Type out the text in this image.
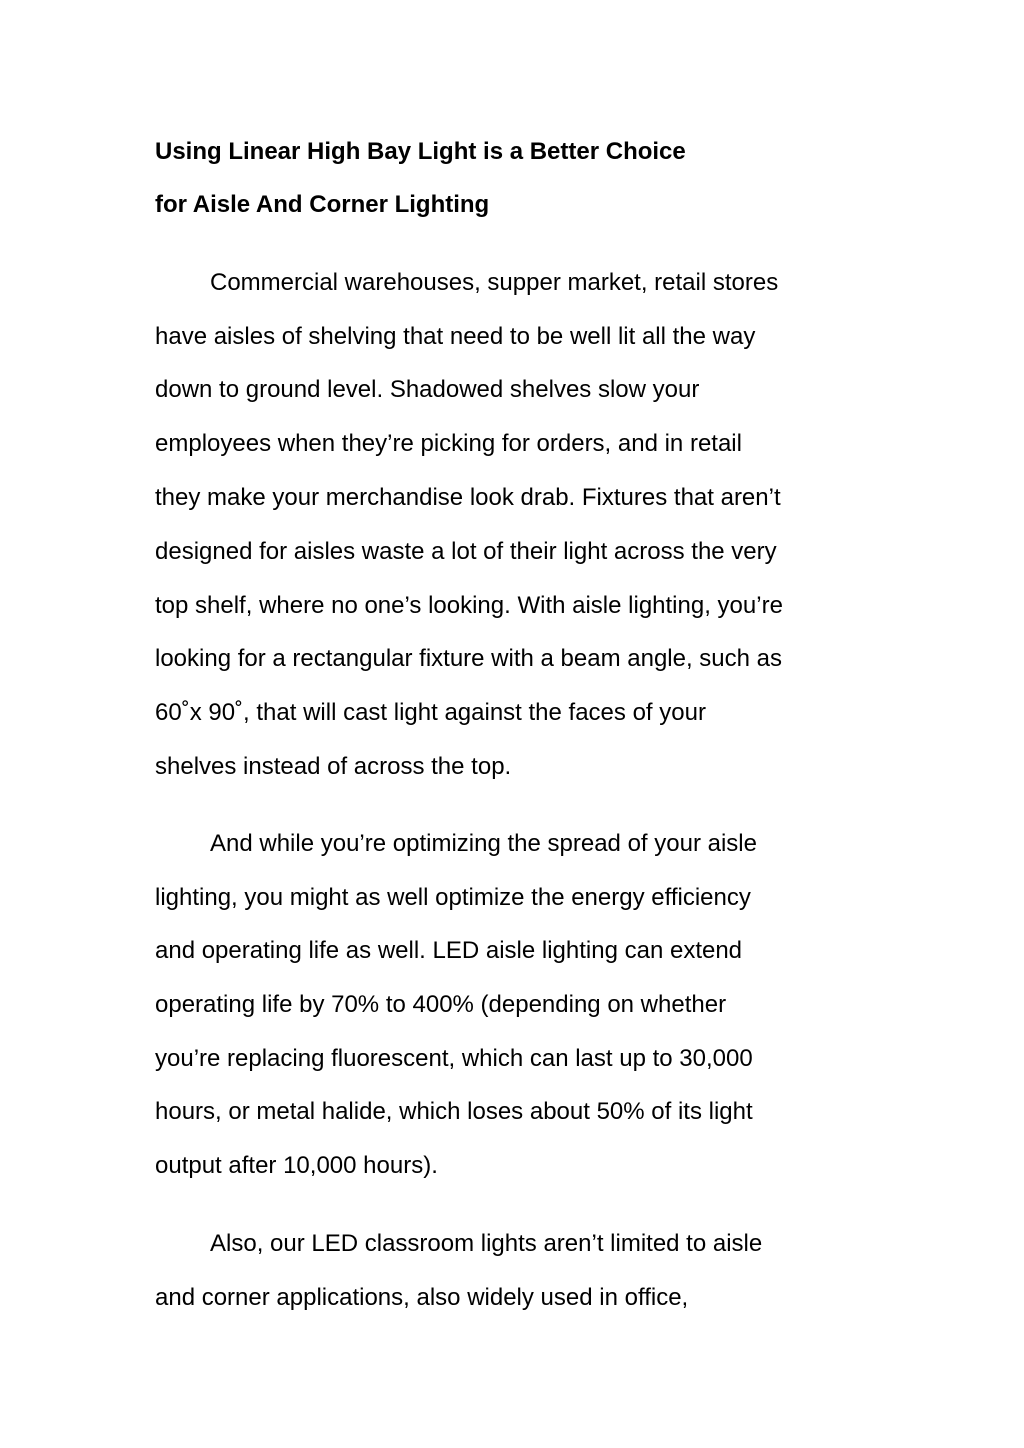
Using Linear High Bay Light is a Better Choice
for Aisle And Corner Lighting
Commercial warehouses, supper market, retail stores
have aisles of shelving that need to be well lit all the way
down to ground level. Shadowed shelves slow your
employees when they’re picking for orders, and in retail
they make your merchandise look drab. Fixtures that aren’t
designed for aisles waste a lot of their light across the very
top shelf, where no one’s looking. With aisle lighting, you’re
looking for a rectangular fixture with a beam angle, such as
60˚x 90˚, that will cast light against the faces of your
shelves instead of across the top.
And while you’re optimizing the spread of your aisle
lighting, you might as well optimize the energy efficiency
and operating life as well. LED aisle lighting can extend
operating life by 70% to 400% (depending on whether
you’re replacing fluorescent, which can last up to 30,000
hours, or metal halide, which loses about 50% of its light
output after 10,000 hours).
Also, our LED classroom lights aren’t limited to aisle
and corner applications, also widely used in office,
